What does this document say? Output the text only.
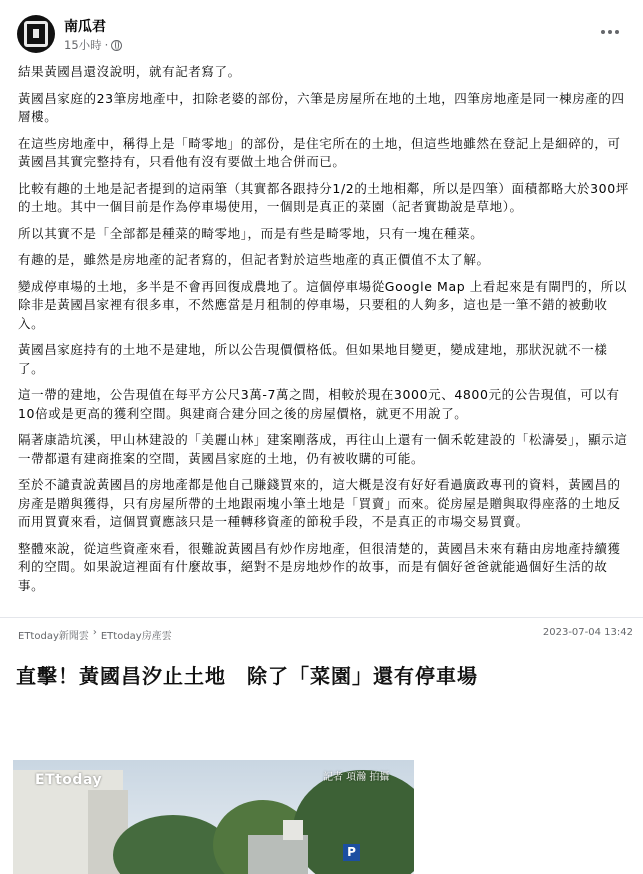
南瓜君
15小時 ·

結果黃國昌還沒說明，就有記者寫了。

黃國昌家庭的23筆房地產中，扣除老婆的部份，六筆是房屋所在地的土地，四筆房地產是同一棟房產的四層樓。

在這些房地產中，稱得上是「畸零地」的部份，是住宅所在的土地，但這些地雖然在登記上是細碎的，可黃國昌其實完整持有，只看他有沒有要做土地合併而已。

比較有趣的土地是記者提到的這兩筆（其實都各跟持分1/2的土地相鄰，所以是四筆）面積都略大於300坪的土地。其中一個目前是作為停車場使用，一個則是真正的菜園（記者實勘說是草地）。

所以其實不是「全部都是種菜的畸零地」，而是有些是畸零地，只有一塊在種菜。

有趣的是，雖然是房地產的記者寫的，但記者對於這些地產的真正價值不太了解。

變成停車場的土地，多半是不會再回復成農地了。這個停車場從Google Map 上看起來是有閘門的，所以除非是黃國昌家裡有很多車，不然應當是月租制的停車場，只要租的人夠多，這也是一筆不錯的被動收入。

黃國昌家庭持有的土地不是建地，所以公告現價價格低。但如果地目變更，變成建地，那狀況就不一樣了。

這一帶的建地，公告現值在每平方公尺3萬-7萬之間，相較於現在3000元、4800元的公告現值，可以有10倍或是更高的獲利空間。與建商合建分回之後的房屋價格，就更不用說了。

隔著康誥坑溪，甲山林建設的「美麗山林」建案剛落成，再往山上還有一個禾乾建設的「松濤晏」，顯示這一帶都還有建商推案的空間，黃國昌家庭的土地，仍有被收購的可能。

至於不譴責說黃國昌的房地產都是他自己賺錢買來的，這大概是沒有好好看過廣政專刊的資料，黃國昌的房產是贈與獲得，只有房屋所帶的土地跟兩塊小筆土地是「買賣」而來。從房屋是贈與取得座落的土地反而用買賣來看，這個買賣應該只是一種轉移資產的節稅手段，不是真正的市場交易買賣。

整體來說，從這些資產來看，很難說黃國昌有炒作房地產，但很清楚的，黃國昌未來有藉由房地產持續獲利的空間。如果說這裡面有什麼故事，絕對不是房地炒作的故事，而是有個好爸爸就能過個好生活的故事。

ETtoday新聞雲 › ETtoday房產雲	2023-07-04 13:42
直擊！黃國昌汐止土地　除了「菜園」還有停車場
ETtoday	記者 項瀚 拍攝
P
